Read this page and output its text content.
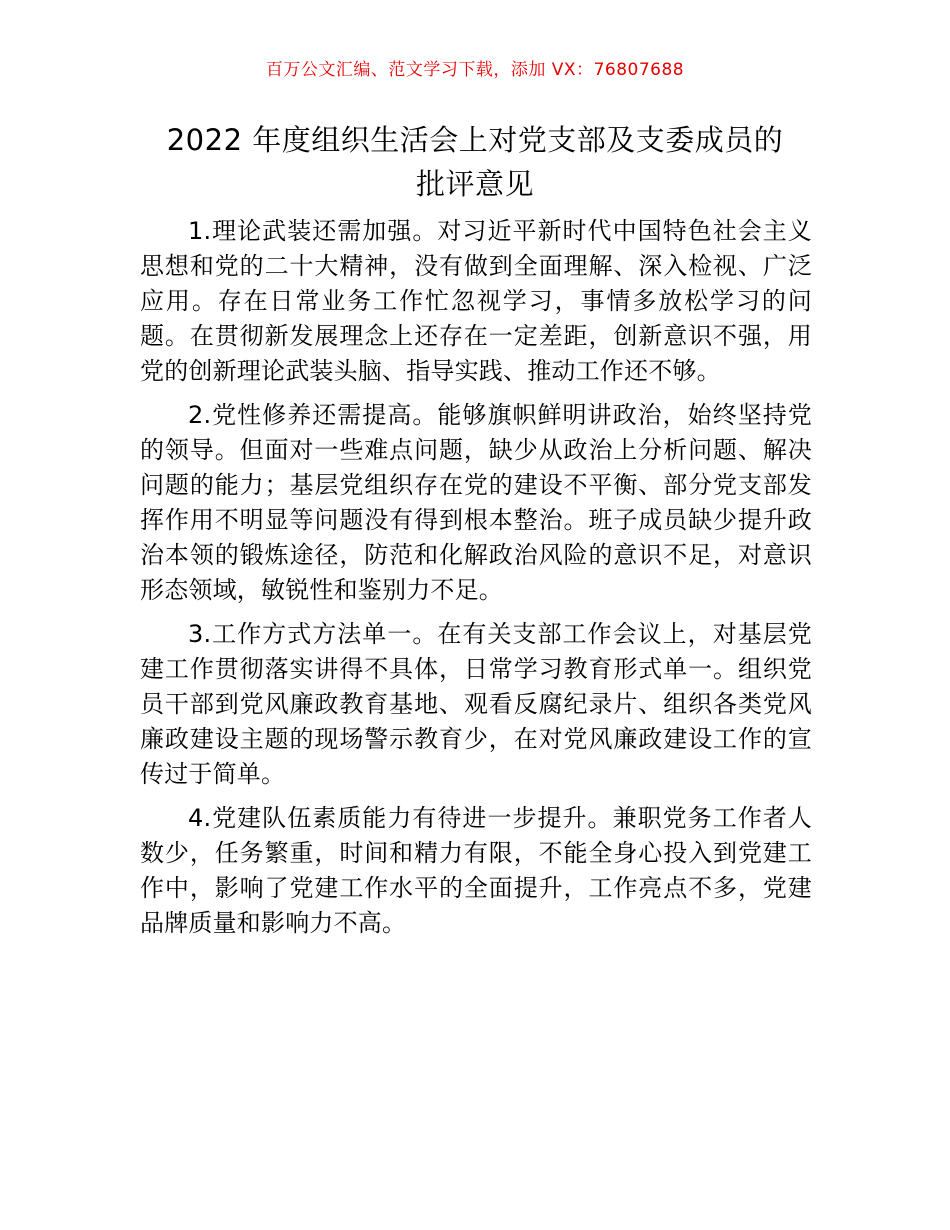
百万公文汇编、范文学习下载，添加 VX：76807688
2022 年度组织生活会上对党支部及支委成员的
批评意见

1.理论武装还需加强。对习近平新时代中国特色社会主义思想和党的二十大精神，没有做到全面理解、深入检视、广泛应用。存在日常业务工作忙忽视学习，事情多放松学习的问题。在贯彻新发展理念上还存在一定差距，创新意识不强，用党的创新理论武装头脑、指导实践、推动工作还不够。

2.党性修养还需提高。能够旗帜鲜明讲政治，始终坚持党的领导。但面对一些难点问题，缺少从政治上分析问题、解决问题的能力；基层党组织存在党的建设不平衡、部分党支部发挥作用不明显等问题没有得到根本整治。班子成员缺少提升政治本领的锻炼途径，防范和化解政治风险的意识不足，对意识形态领域，敏锐性和鉴别力不足。

3.工作方式方法单一。在有关支部工作会议上，对基层党建工作贯彻落实讲得不具体，日常学习教育形式单一。组织党员干部到党风廉政教育基地、观看反腐纪录片、组织各类党风廉政建设主题的现场警示教育少，在对党风廉政建设工作的宣传过于简单。

4.党建队伍素质能力有待进一步提升。兼职党务工作者人数少，任务繁重，时间和精力有限，不能全身心投入到党建工作中，影响了党建工作水平的全面提升，工作亮点不多，党建品牌质量和影响力不高。
